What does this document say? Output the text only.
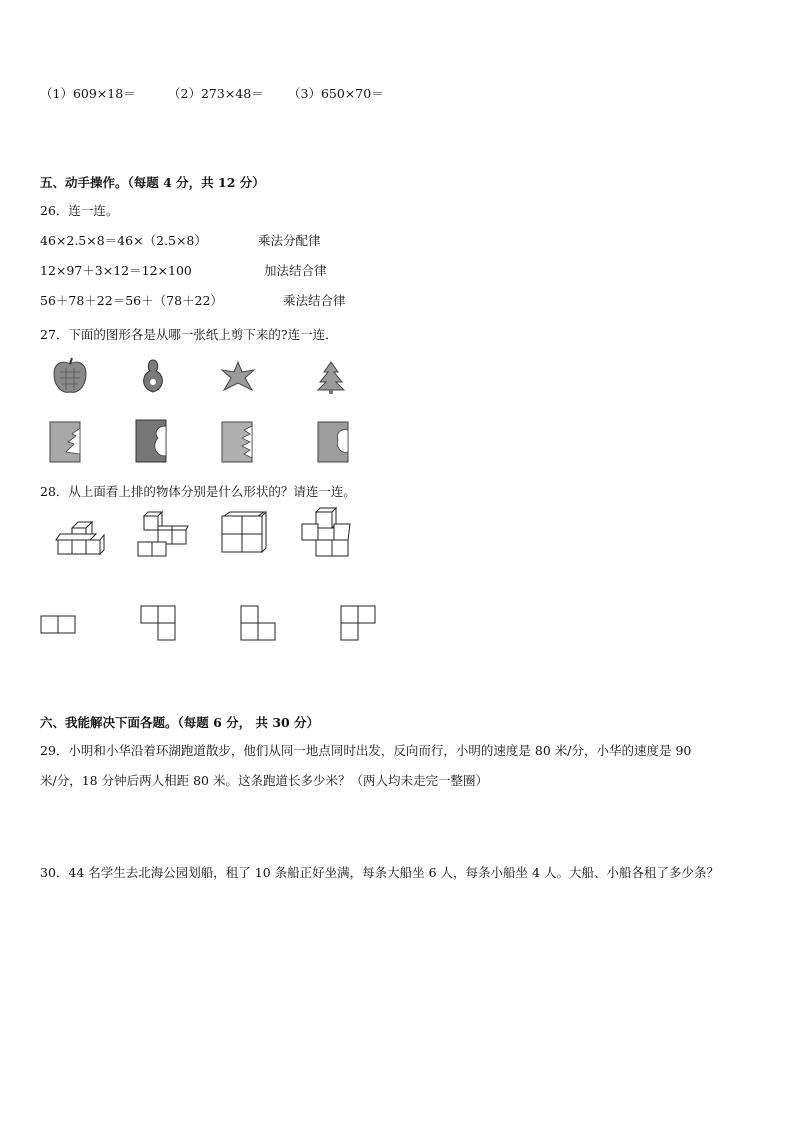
（1）609×18＝	（2）273×48＝ （3）650×70＝
五、动手操作。（每题 4 分，共 12 分）
26．连一连。
46×2.5×8＝46×（2.5×8）	乘法分配律
12×97＋3×12＝12×100	加法结合律
56＋78＋22＝56＋（78＋22）	乘法结合律
27．下面的图形各是从哪一张纸上剪下来的?连一连．
28．从上面看上排的物体分别是什么形状的？请连一连。
六、我能解决下面各题。（每题 6 分， 共 30 分）
29．小明和小华沿着环湖跑道散步，他们从同一地点同时出发，反向而行，小明的速度是 80 米/分，小华的速度是 90
米/分，18 分钟后两人相距 80 米。这条跑道长多少米？（两人均未走完一整圈）
30．44 名学生去北海公园划船，租了 10 条船正好坐满，每条大船坐 6 人，每条小船坐 4 人。大船、小船各租了多少条？
